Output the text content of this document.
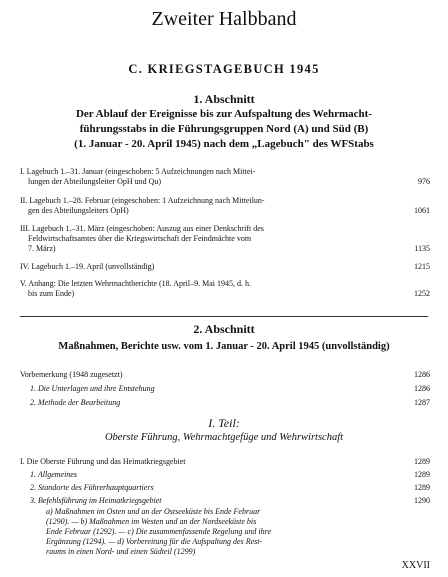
Zweiter Halbband
C. KRIEGSTAGEBUCH 1945
1. Abschnitt
Der Ablauf der Ereignisse bis zur Aufspaltung des Wehrmacht-
führungsstabs in die Führungsgruppen Nord (A) und Süd (B)
(1. Januar - 20. April 1945) nach dem „Lagebuch" des WFStabs
I. Lagebuch 1.–31. Januar (eingeschoben: 5 Aufzeichnungen nach Mittei-
lungen der Abteilungsleiter OpH und Qu)	976
II. Lagebuch 1.–28. Februar (eingeschoben: 1 Aufzeichnung nach Mitteilun-
gen des Abteilungsleiters OpH)	1061
III. Lagebuch 1.–31. März (eingeschoben: Auszug aus einer Denkschrift des
Feldwirtschaftsamtes über die Kriegswirtschaft der Feindmächte vom
7. März)	1135
IV. Lagebuch 1.–19. April (unvollständig)	1215
V. Anhang: Die letzten Wehrmachtberichte (18. April–9. Mai 1945, d. h.
bis zum Ende)	1252
2. Abschnitt
Maßnahmen, Berichte usw. vom 1. Januar - 20. April 1945 (unvollständig)
Vorbemerkung (1948 zugesetzt)	1286
1. Die Unterlagen und ihre Entstehung	1286
2. Methode der Bearbeitung	1287
I. Teil:
Oberste Führung, Wehrmachtgefüge und Wehrwirtschaft
I. Die Oberste Führung und das Heimatkriegsgebiet	1289
1. Allgemeines	1289
2. Standorte des Führerhauptquartiers	1289
3. Befehlsführung im Heimatkriegsgebiet	1290
a) Maßnahmen im Osten und an der Ostseeküste bis Ende Februar
(1290). — b) Maßnahmen im Westen und an der Nordseeküste bis
Ende Februar (1292). — c) Die zusammenfassende Regelung und ihre
Ergänzung (1294). — d) Vorbereitung für die Aufspaltung des Rest-
raums in einen Nord- und einen Südteil (1299)
XXVII
